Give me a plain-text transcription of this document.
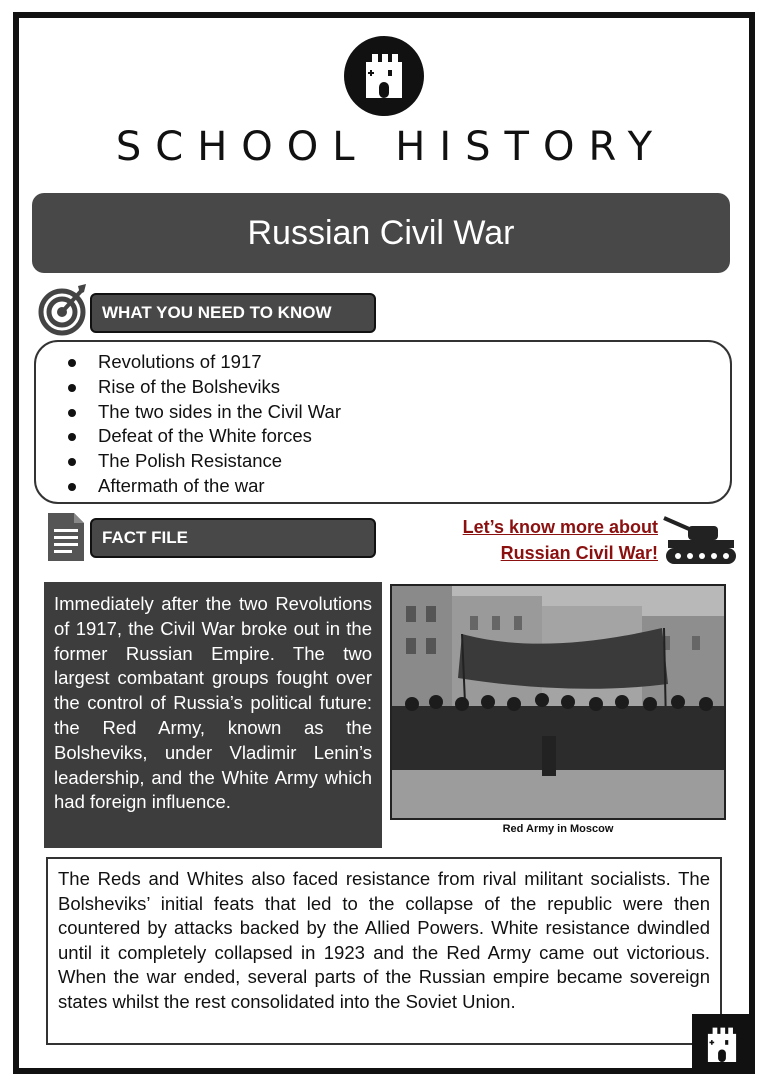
SCHOOL HISTORY
Russian Civil War
WHAT YOU NEED TO KNOW
Revolutions of 1917
Rise of the Bolsheviks
The two sides in the Civil War
Defeat of the White forces
The Polish Resistance
Aftermath of the war
FACT FILE
Let’s know more about
Russian Civil War!
Immediately after the two Revolutions of 1917, the Civil War broke out in the former Russian Empire. The two largest combatant groups fought over the control of Russia’s political future: the Red Army, known as the Bolsheviks, under Vladimir Lenin’s leadership, and the White Army which had foreign influence.
Red Army in Moscow
The Reds and Whites also faced resistance from rival militant socialists. The Bolsheviks’ initial feats that led to the collapse of the republic were then countered by attacks backed by the Allied Powers. White resistance dwindled until it completely collapsed in 1923 and the Red Army came out victorious. When the war ended, several parts of the Russian empire became sovereign states whilst the rest consolidated into the Soviet Union.
